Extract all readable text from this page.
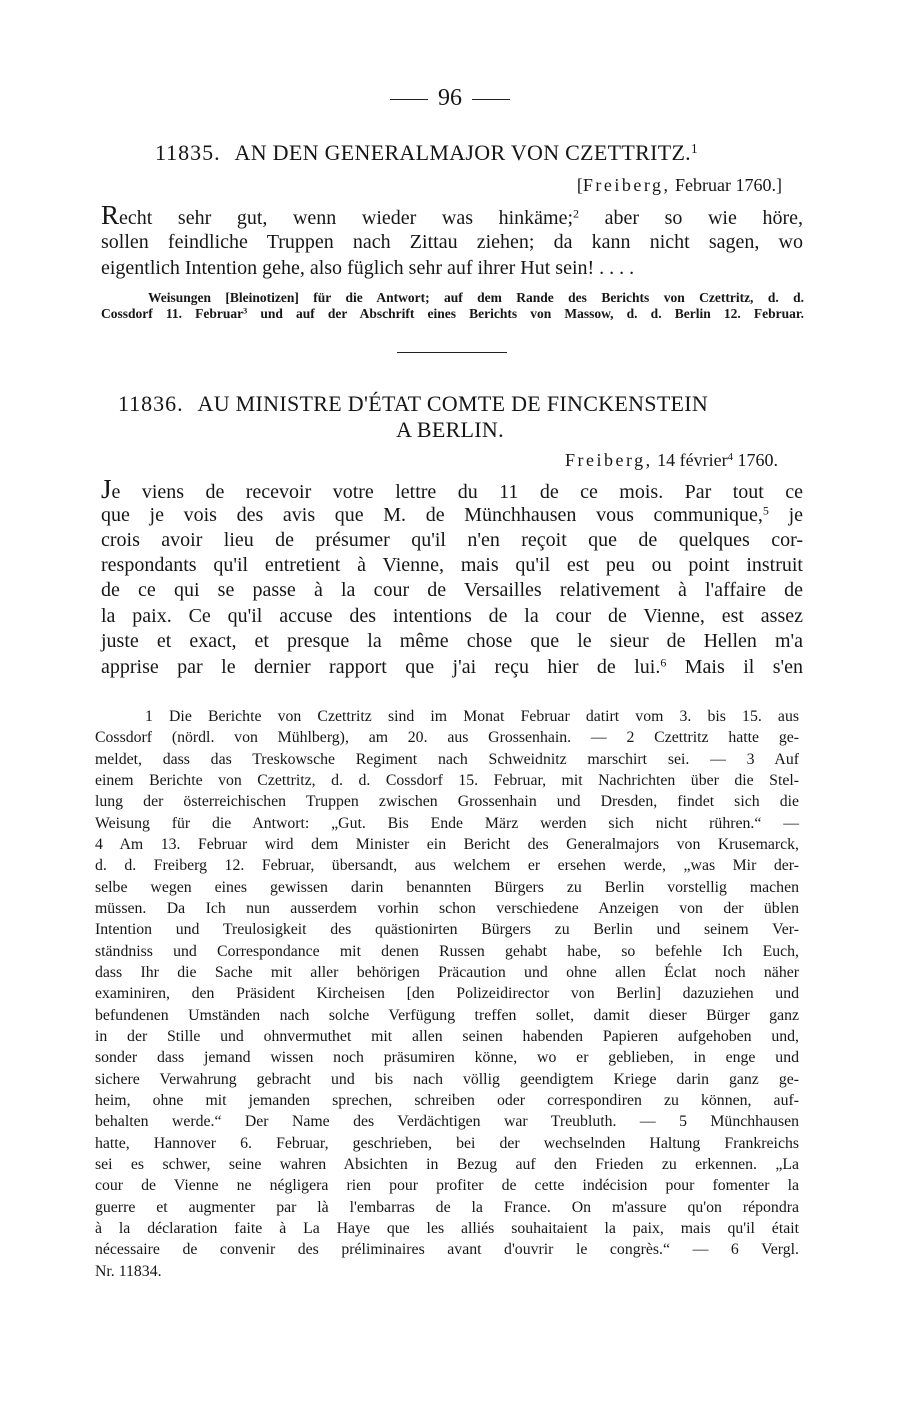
96
11835. AN DEN GENERALMAJOR VON CZETTRITZ.$^1$
[Freiberg, Februar 1760.]
Recht sehr gut, wenn wieder was hinkäme;$^2$ aber so wie höre,
sollen feindliche Truppen nach Zittau ziehen; da kann nicht sagen, wo
eigentlich Intention gehe, also füglich sehr auf ihrer Hut sein! . . . .
Weisungen [Bleinotizen] für die Antwort; auf dem Rande des Berichts von Czettritz, d. d.
Cossdorf 11. Februar$^3$ und auf der Abschrift eines Berichts von Massow, d. d. Berlin 12. Februar.
11836. AU MINISTRE D'ÉTAT COMTE DE FINCKENSTEIN
A BERLIN.
Freiberg, 14 février$^4$ 1760.
Je viens de recevoir votre lettre du 11 de ce mois. Par tout ce
que je vois des avis que M. de Münchhausen vous communique,$^5$ je
crois avoir lieu de présumer qu'il n'en reçoit que de quelques cor-
respondants qu'il entretient à Vienne, mais qu'il est peu ou point instruit
de ce qui se passe à la cour de Versailles relativement à l'affaire de
la paix. Ce qu'il accuse des intentions de la cour de Vienne, est assez
juste et exact, et presque la même chose que le sieur de Hellen m'a
apprise par le dernier rapport que j'ai reçu hier de lui.$^6$ Mais il s'en
1 Die Berichte von Czettritz sind im Monat Februar datirt vom 3. bis 15. aus
Cossdorf (nördl. von Mühlberg), am 20. aus Grossenhain. — 2 Czettritz hatte ge-
meldet, dass das Treskowsche Regiment nach Schweidnitz marschirt sei. — 3 Auf
einem Berichte von Czettritz, d. d. Cossdorf 15. Februar, mit Nachrichten über die Stel-
lung der österreichischen Truppen zwischen Grossenhain und Dresden, findet sich die
Weisung für die Antwort: „Gut. Bis Ende März werden sich nicht rühren.“ —
4 Am 13. Februar wird dem Minister ein Bericht des Generalmajors von Krusemarck,
d. d. Freiberg 12. Februar, übersandt, aus welchem er ersehen werde, „was Mir der-
selbe wegen eines gewissen darin benannten Bürgers zu Berlin vorstellig machen
müssen. Da Ich nun ausserdem vorhin schon verschiedene Anzeigen von der üblen
Intention und Treulosigkeit des quästionirten Bürgers zu Berlin und seinem Ver-
ständniss und Correspondance mit denen Russen gehabt habe, so befehle Ich Euch,
dass Ihr die Sache mit aller behörigen Präcaution und ohne allen Éclat noch näher
examiniren, den Präsident Kircheisen [den Polizeidirector von Berlin] dazuziehen und
befundenen Umständen nach solche Verfügung treffen sollet, damit dieser Bürger ganz
in der Stille und ohnvermuthet mit allen seinen habenden Papieren aufgehoben und,
sonder dass jemand wissen noch präsumiren könne, wo er geblieben, in enge und
sichere Verwahrung gebracht und bis nach völlig geendigtem Kriege darin ganz ge-
heim, ohne mit jemanden sprechen, schreiben oder correspondiren zu können, auf-
behalten werde.“ Der Name des Verdächtigen war Treubluth. — 5 Münchhausen
hatte, Hannover 6. Februar, geschrieben, bei der wechselnden Haltung Frankreichs
sei es schwer, seine wahren Absichten in Bezug auf den Frieden zu erkennen. „La
cour de Vienne ne négligera rien pour profiter de cette indécision pour fomenter la
guerre et augmenter par là l'embarras de la France. On m'assure qu'on répondra
à la déclaration faite à La Haye que les alliés souhaitaient la paix, mais qu'il était
nécessaire de convenir des préliminaires avant d'ouvrir le congrès.“ — 6 Vergl.
Nr. 11834.
